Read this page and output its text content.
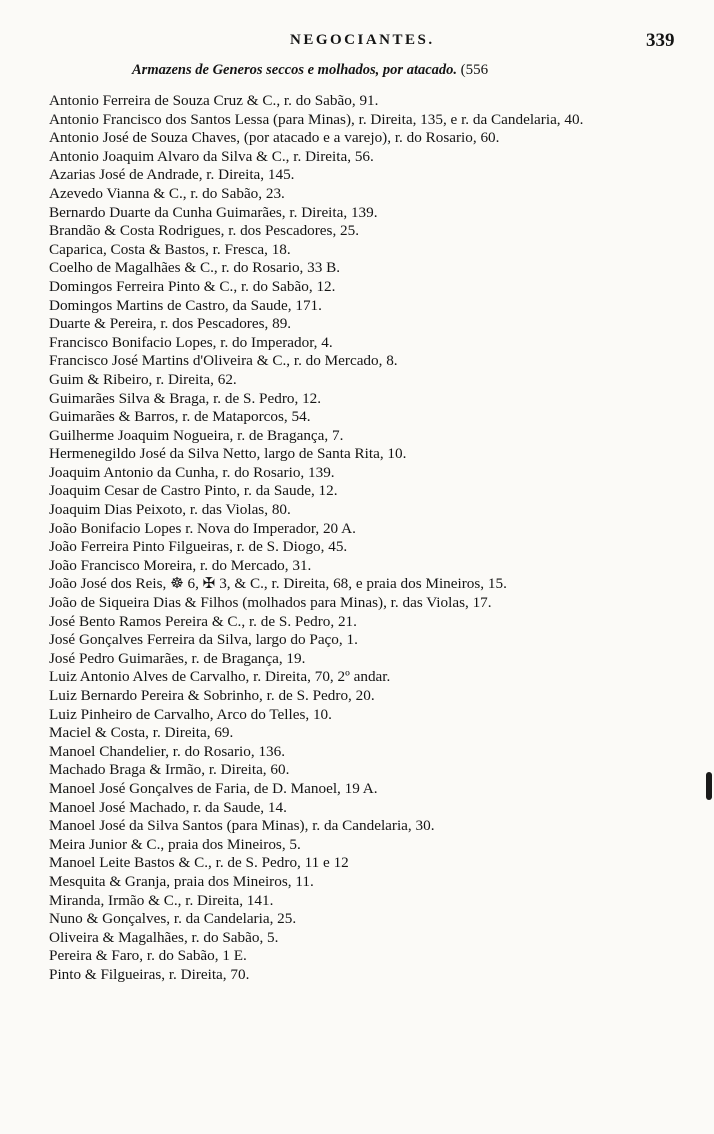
NEGOCIANTES.	339
Armazens de Generos seccos e molhados, por atacado. (556
Antonio Ferreira de Souza Cruz & C., r. do Sabão, 91.
Antonio Francisco dos Santos Lessa (para Minas), r. Direita, 135, e r. da Candelaria, 40.
Antonio José de Souza Chaves, (por atacado e a varejo), r. do Rosario, 60.
Antonio Joaquim Alvaro da Silva & C., r. Direita, 56.
Azarias José de Andrade, r. Direita, 145.
Azevedo Vianna & C., r. do Sabão, 23.
Bernardo Duarte da Cunha Guimarães, r. Direita, 139.
Brandão & Costa Rodrigues, r. dos Pescadores, 25.
Caparica, Costa & Bastos, r. Fresca, 18.
Coelho de Magalhães & C., r. do Rosario, 33 B.
Domingos Ferreira Pinto & C., r. do Sabão, 12.
Domingos Martins de Castro, da Saude, 171.
Duarte & Pereira, r. dos Pescadores, 89.
Francisco Bonifacio Lopes, r. do Imperador, 4.
Francisco José Martins d'Oliveira & C., r. do Mercado, 8.
Guim & Ribeiro, r. Direita, 62.
Guimarães Silva & Braga, r. de S. Pedro, 12.
Guimarães & Barros, r. de Mataporcos, 54.
Guilherme Joaquim Nogueira, r. de Bragança, 7.
Hermenegildo José da Silva Netto, largo de Santa Rita, 10.
Joaquim Antonio da Cunha, r. do Rosario, 139.
Joaquim Cesar de Castro Pinto, r. da Saude, 12.
Joaquim Dias Peixoto, r. das Violas, 80.
João Bonifacio Lopes r. Nova do Imperador, 20 A.
João Ferreira Pinto Filgueiras, r. de S. Diogo, 45.
João Francisco Moreira, r. do Mercado, 31.
João José dos Reis, ☸ 6, ✠ 3, & C., r. Direita, 68, e praia dos Mineiros, 15.
João de Siqueira Dias & Filhos (molhados para Minas), r. das Violas, 17.
José Bento Ramos Pereira & C., r. de S. Pedro, 21.
José Gonçalves Ferreira da Silva, largo do Paço, 1.
José Pedro Guimarães, r. de Bragança, 19.
Luiz Antonio Alves de Carvalho, r. Direita, 70, 2º andar.
Luiz Bernardo Pereira & Sobrinho, r. de S. Pedro, 20.
Luiz Pinheiro de Carvalho, Arco do Telles, 10.
Maciel & Costa, r. Direita, 69.
Manoel Chandelier, r. do Rosario, 136.
Machado Braga & Irmão, r. Direita, 60.
Manoel José Gonçalves de Faria, de D. Manoel, 19 A.
Manoel José Machado, r. da Saude, 14.
Manoel José da Silva Santos (para Minas), r. da Candelaria, 30.
Meira Junior & C., praia dos Mineiros, 5.
Manoel Leite Bastos & C., r. de S. Pedro, 11 e 12
Mesquita & Granja, praia dos Mineiros, 11.
Miranda, Irmão & C., r. Direita, 141.
Nuno & Gonçalves, r. da Candelaria, 25.
Oliveira & Magalhães, r. do Sabão, 5.
Pereira & Faro, r. do Sabão, 1 E.
Pinto & Filgueiras, r. Direita, 70.
